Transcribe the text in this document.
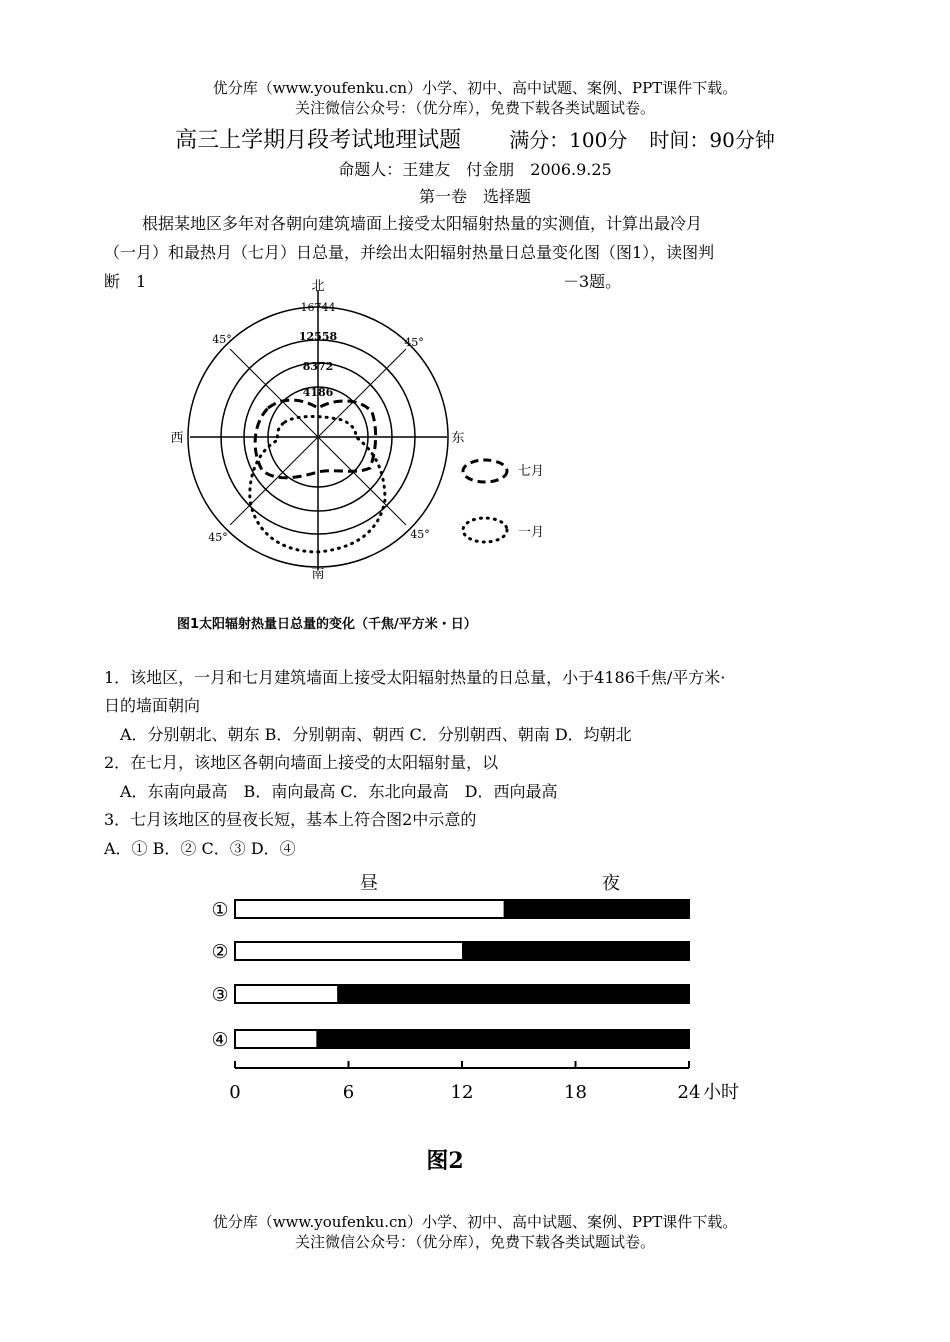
优分库（www.youfenku.cn）小学、初中、高中试题、案例、PPT课件下载。
关注微信公众号：（优分库），免费下载各类试题试卷。
高三上学期月段考试地理试题 满分：100分 时间：90分钟
命题人：王建友　付金朋　2006.9.25
第一卷　选择题
根据某地区多年对各朝向建筑墙面上接受太阳辐射热量的实测值，计算出最冷月
（一月）和最热月（七月）日总量，并绘出太阳辐射热量日总量变化图（图1），读图判
断　1	－3题。
北
南
西	东
16744
12558
8372
4186
45°	45°
45°	45°
七月
一月
图1太阳辐射热量日总量的变化（千焦/平方米・日）
1．该地区，一月和七月建筑墙面上接受太阳辐射热量的日总量，小于4186千焦/平方米·
日的墙面朝向
　A．分别朝北、朝东 B．分别朝南、朝西 C．分别朝西、朝南 D．均朝北
2．在七月，该地区各朝向墙面上接受的太阳辐射量，以
　A．东南向最高　B．南向最高 C．东北向最高　D．西向最高
3．七月该地区的昼夜长短，基本上符合图2中示意的
A．① B．② C．③ D．④
昼	夜
①
②
③
④
0	6	12	18	24 小时
图2
优分库（www.youfenku.cn）小学、初中、高中试题、案例、PPT课件下载。
关注微信公众号：（优分库），免费下载各类试题试卷。
